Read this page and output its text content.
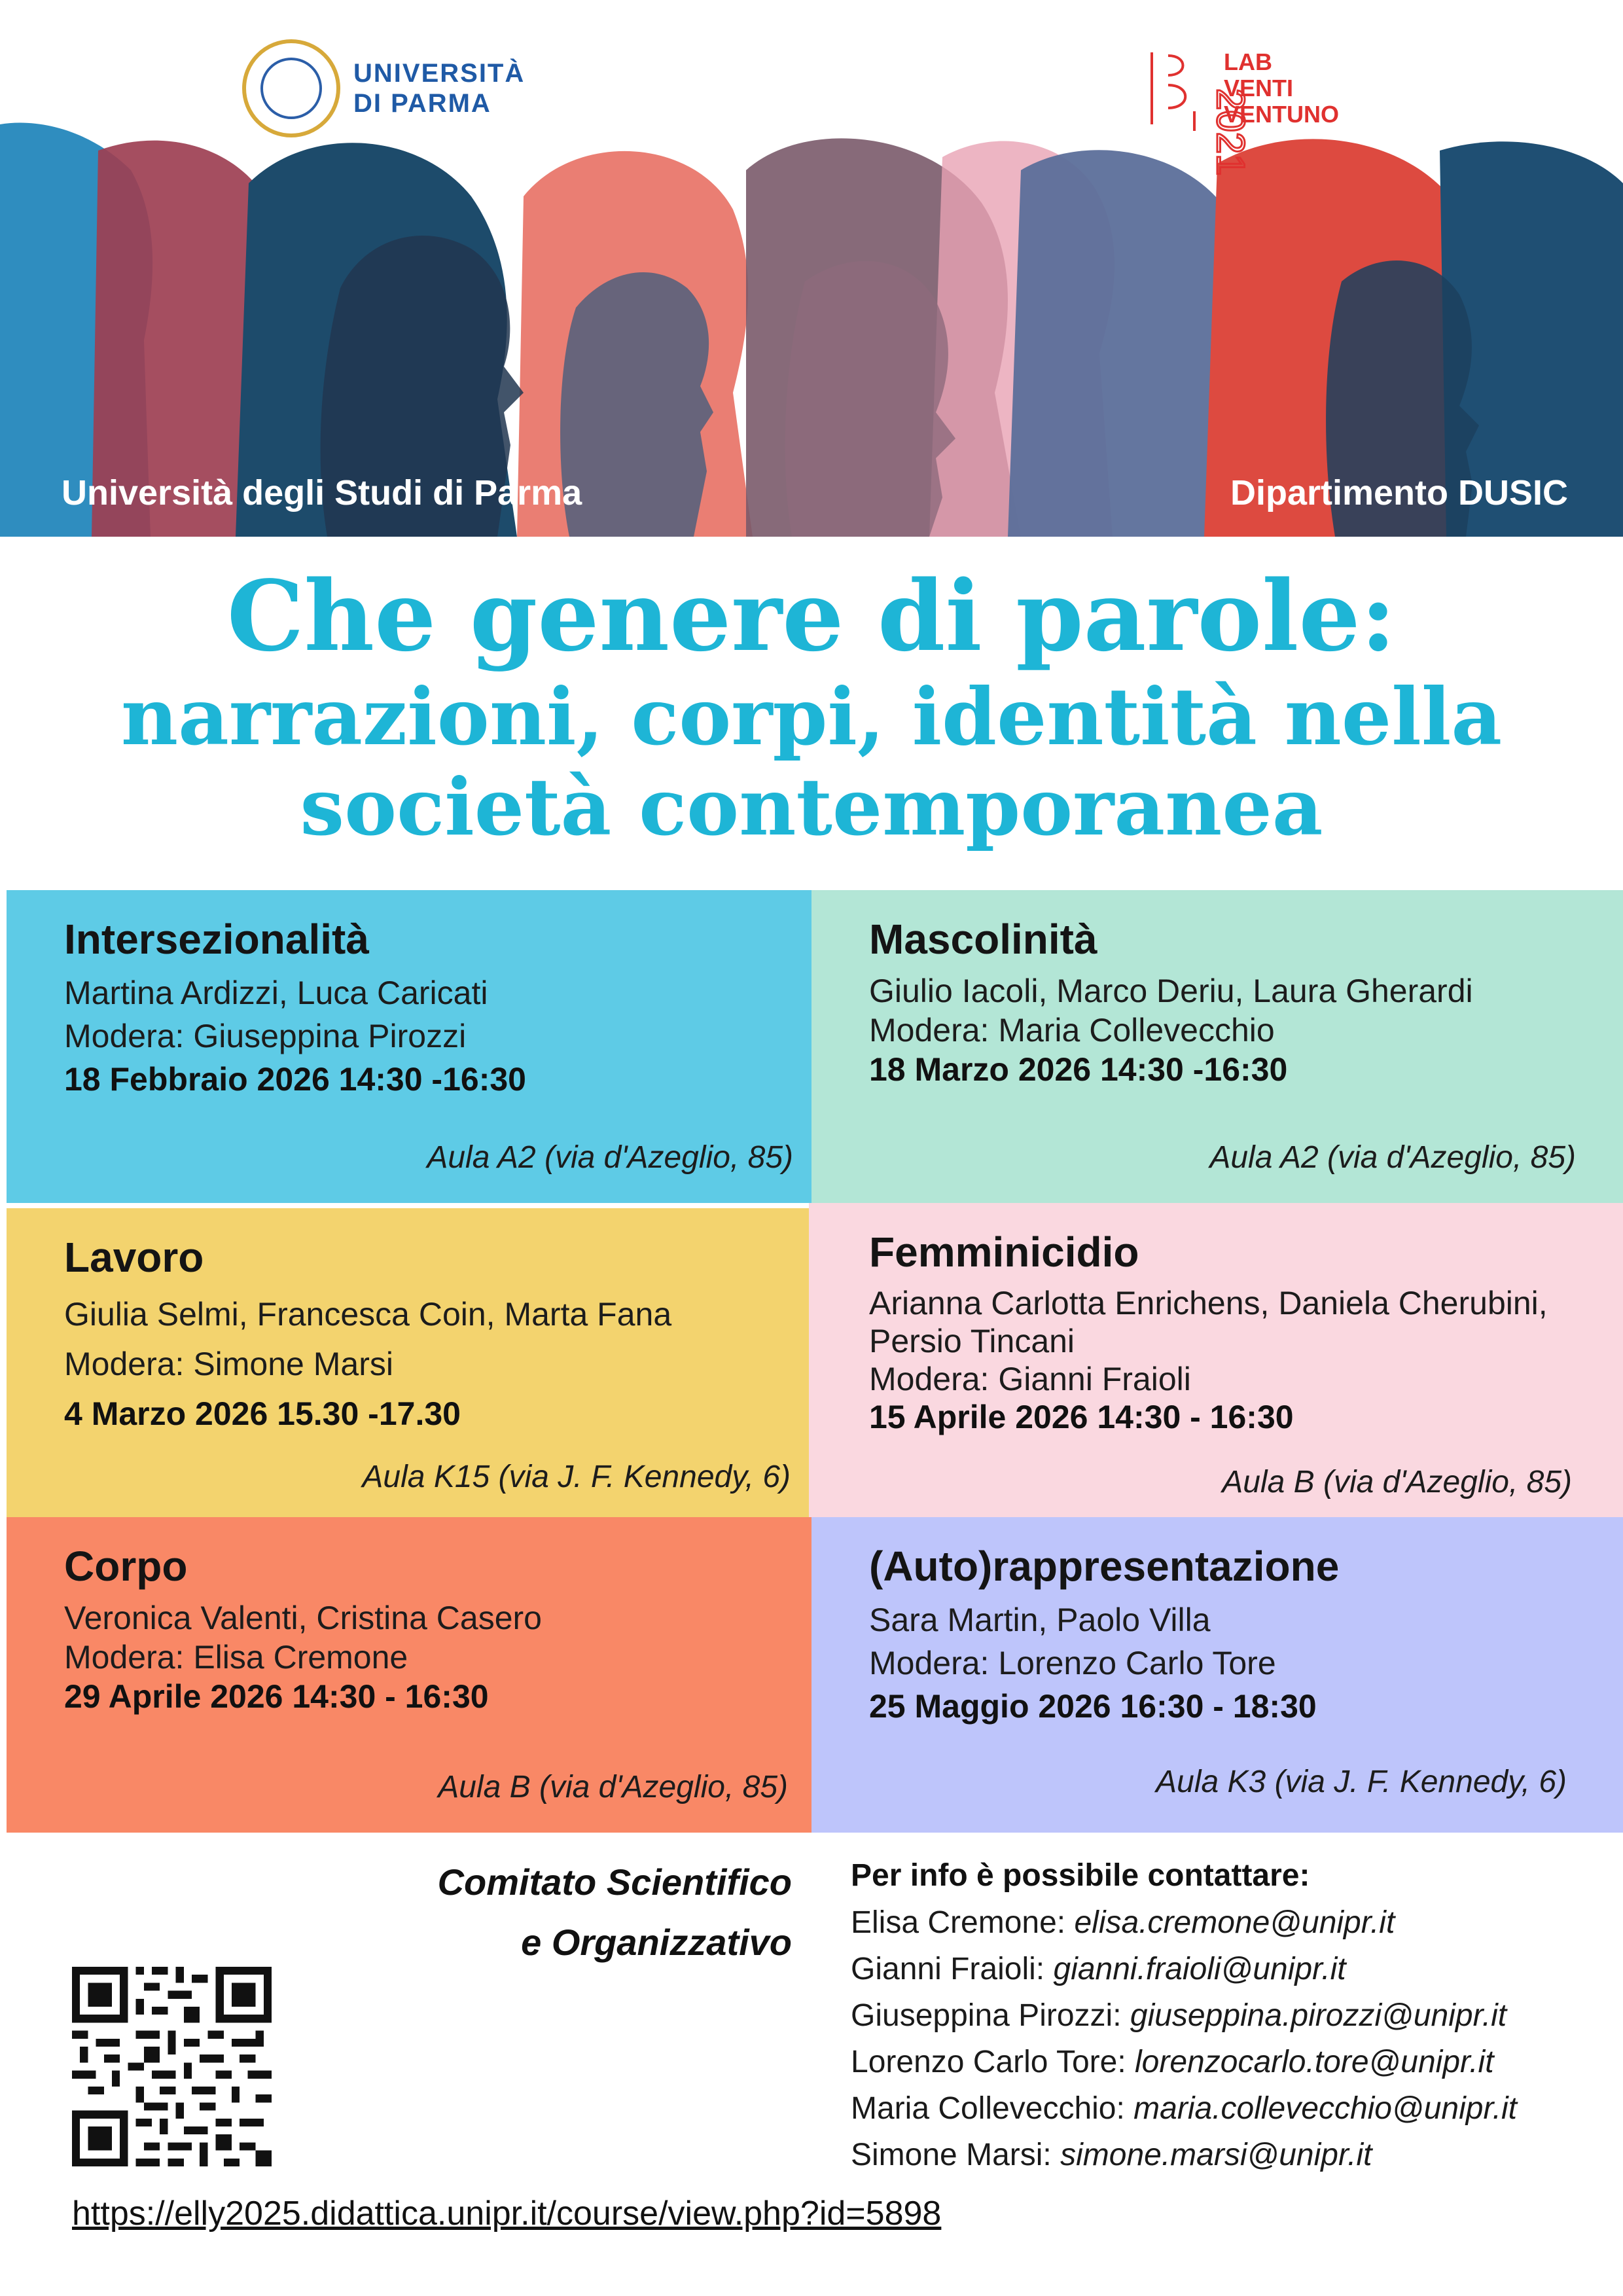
UNIVERSITÀ
DI PARMA	2021
LAB
VENTI
VENTUNO
Università degli Studi di Parma	Dipartimento DUSIC
Che genere di parole:
narrazioni, corpi, identità nella
società contemporanea
Intersezionalità
Martina Ardizzi, Luca Caricati
Modera: Giuseppina Pirozzi
18 Febbraio 2026 14:30 -16:30
Aula A2 (via d'Azeglio, 85)
Mascolinità
Giulio Iacoli, Marco Deriu, Laura Gherardi
Modera: Maria Collevecchio
18 Marzo 2026 14:30 -16:30
Aula A2 (via d'Azeglio, 85)
Lavoro
Giulia Selmi, Francesca Coin, Marta Fana
Modera: Simone Marsi
4 Marzo 2026 15.30 -17.30
Aula K15 (via J. F. Kennedy, 6)
Femminicidio
Arianna Carlotta Enrichens, Daniela Cherubini,
Persio Tincani
Modera: Gianni Fraioli
15 Aprile 2026 14:30 - 16:30
Aula B (via d'Azeglio, 85)
Corpo
Veronica Valenti, Cristina Casero
Modera: Elisa Cremone
29 Aprile 2026 14:30 - 16:30
Aula B (via d'Azeglio, 85)
(Auto)rappresentazione
Sara Martin, Paolo Villa
Modera: Lorenzo Carlo Tore
25 Maggio 2026 16:30 - 18:30
Aula K3 (via J. F. Kennedy, 6)
Comitato Scientifico
e Organizzativo
Per info è possibile contattare:
Elisa Cremone: elisa.cremone@unipr.it
Gianni Fraioli: gianni.fraioli@unipr.it
Giuseppina Pirozzi: giuseppina.pirozzi@unipr.it
Lorenzo Carlo Tore: lorenzocarlo.tore@unipr.it
Maria Collevecchio: maria.collevecchio@unipr.it
Simone Marsi: simone.marsi@unipr.it
https://elly2025.didattica.unipr.it/course/view.php?id=5898
